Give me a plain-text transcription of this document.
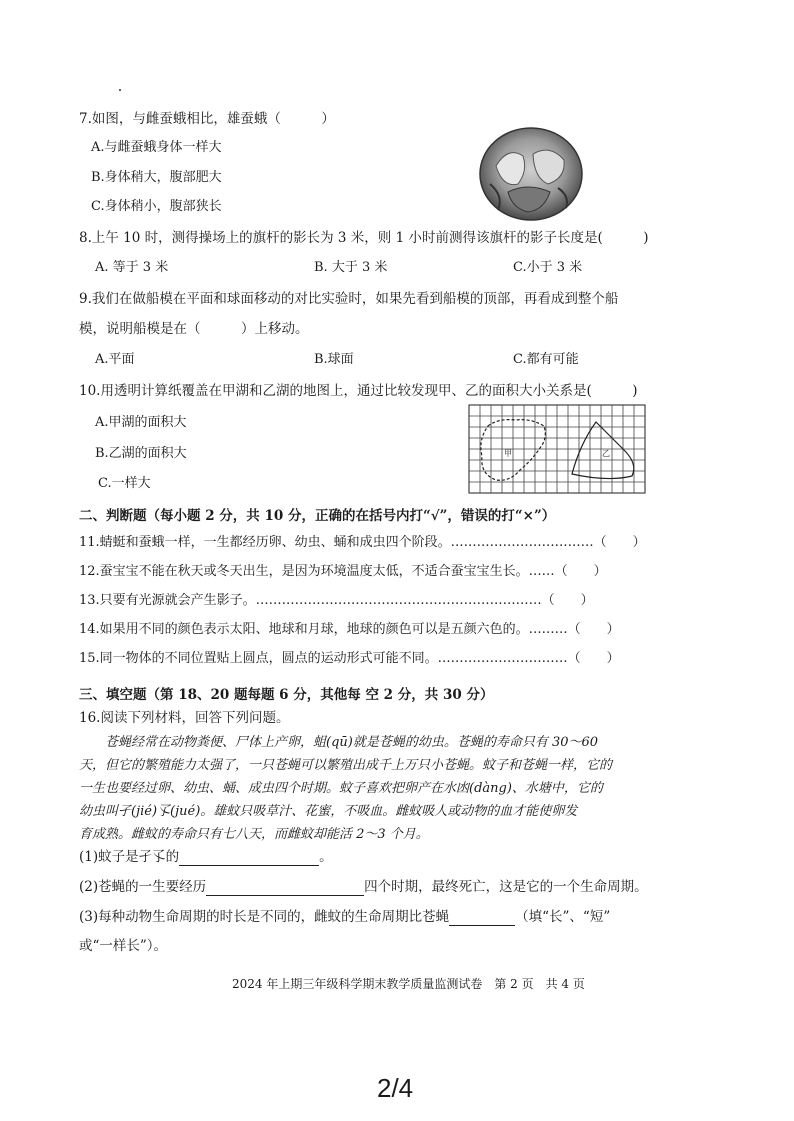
7.如图，与雌蚕蛾相比，雄蚕蛾（　　　）
A.与雌蚕蛾身体一样大
B.身体稍大，腹部肥大
C.身体稍小，腹部狭长
8.上午 10 时，测得操场上的旗杆的影长为 3 米，则 1 小时前测得该旗杆的影子长度是(　　　)
A. 等于 3 米	B. 大于 3 米	C.小于 3 米
9.我们在做船模在平面和球面移动的对比实验时，如果先看到船模的顶部，再看成到整个船
模，说明船模是在（　　　）上移动。
A.平面	B.球面	C.都有可能
10.用透明计算纸覆盖在甲湖和乙湖的地图上，通过比较发现甲、乙的面积大小关系是(　　　)
A.甲湖的面积大
B.乙湖的面积大
C.一样大
甲	乙
二、判断题（每小题 2 分，共 10 分，正确的在括号内打“√”，错误的打“×”）
11.蜻蜓和蚕蛾一样，一生都经历卵、幼虫、蛹和成虫四个阶段。……………………………（　　）
12.蚕宝宝不能在秋天或冬天出生，是因为环境温度太低，不适合蚕宝宝生长。……（　　）
13.只要有光源就会产生影子。…………………………………………………………（　　）
14.如果用不同的颜色表示太阳、地球和月球，地球的颜色可以是五颜六色的。………（　　）
15.同一物体的不同位置贴上圆点，圆点的运动形式可能不同。…………………………（　　）
三、填空题（第 18、20 题每题 6 分，其他每 空 2 分，共 30 分）
16.阅读下列材料，回答下列问题。
　　苍蝇经常在动物粪便、尸体上产卵，蛆(qū)就是苍蝇的幼虫。苍蝇的寿命只有 30～60
天，但它的繁殖能力太强了，一只苍蝇可以繁殖出成千上万只小苍蝇。蚊子和苍蝇一样，它的
一生也要经过卵、幼虫、蛹、成虫四个时期。蚊子喜欢把卵产在水凼(dàng)、水塘中，它的
幼虫叫孑(jié)孓(jué)。雄蚊只吸草汁、花蜜，不吸血。雌蚊吸人或动物的血才能使卵发
育成熟。雌蚊的寿命只有七八天，而雌蚊却能活 2～3 个月。
(1)蚊子是孑孓的	。
(2)苍蝇的一生要经历	四个时期，最终死亡，这是它的一个生命周期。
(3)每种动物生命周期的时长是不同的，雌蚊的生命周期比苍蝇	（填“长”、“短”
或“一样长”）。
2024 年上期三年级科学期末教学质量监测试卷　第 2 页　共 4 页
2/4
